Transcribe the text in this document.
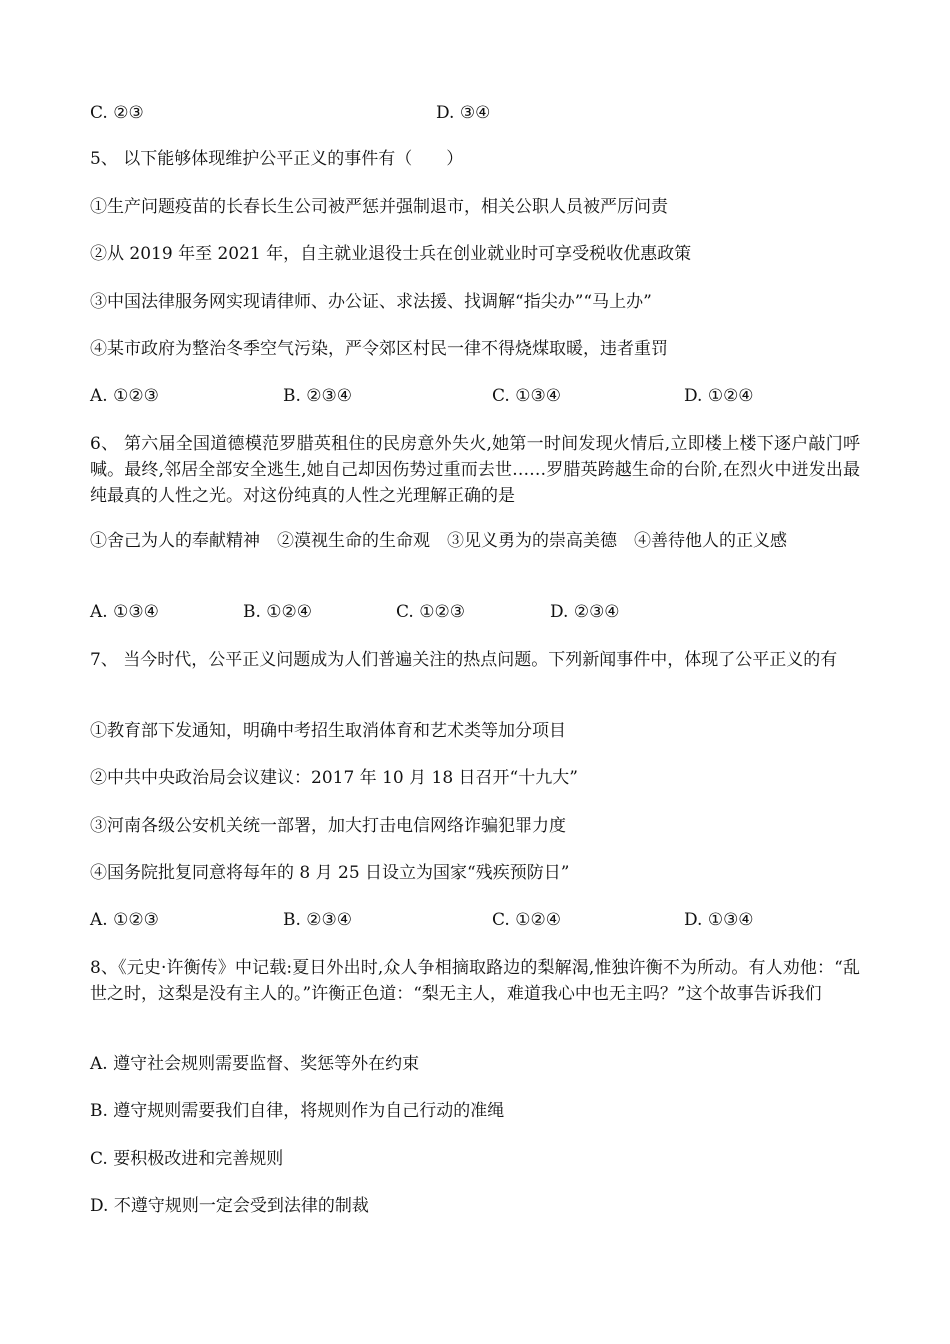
C. ②③	D. ③④
5、 以下能够体现维护公平正义的事件有（　　）
①生产问题疫苗的长春长生公司被严惩并强制退市，相关公职人员被严厉问责
②从 2019 年至 2021 年，自主就业退役士兵在创业就业时可享受税收优惠政策
③中国法律服务网实现请律师、办公证、求法援、找调解“指尖办”“马上办”
④某市政府为整治冬季空气污染，严令郊区村民一律不得烧煤取暖，违者重罚
A. ①②③	B. ②③④	C. ①③④	D. ①②④
6、 第六届全国道德模范罗腊英租住的民房意外失火,她第一时间发现火情后,立即楼上楼下逐户敲门呼喊。最终,邻居全部安全逃生,她自己却因伤势过重而去世……罗腊英跨越生命的台阶,在烈火中迸发出最纯最真的人性之光。对这份纯真的人性之光理解正确的是
①舍己为人的奉献精神　②漠视生命的生命观　③见义勇为的崇高美德　④善待他人的正义感
A. ①③④	B. ①②④	C. ①②③	D. ②③④
7、 当今时代，公平正义问题成为人们普遍关注的热点问题。下列新闻事件中，体现了公平正义的有
①教育部下发通知，明确中考招生取消体育和艺术类等加分项目
②中共中央政治局会议建议：2017 年 10 月 18 日召开“十九大”
③河南各级公安机关统一部署，加大打击电信网络诈骗犯罪力度
④国务院批复同意将每年的 8 月 25 日设立为国家“残疾预防日”
A. ①②③	B. ②③④	C. ①②④	D. ①③④
8、《元史·许衡传》中记载:夏日外出时,众人争相摘取路边的梨解渴,惟独许衡不为所动。有人劝他：“乱世之时，这梨是没有主人的。”许衡正色道：“梨无主人，难道我心中也无主吗？”这个故事告诉我们
A. 遵守社会规则需要监督、奖惩等外在约束
B. 遵守规则需要我们自律，将规则作为自己行动的准绳
C. 要积极改进和完善规则
D. 不遵守规则一定会受到法律的制裁
